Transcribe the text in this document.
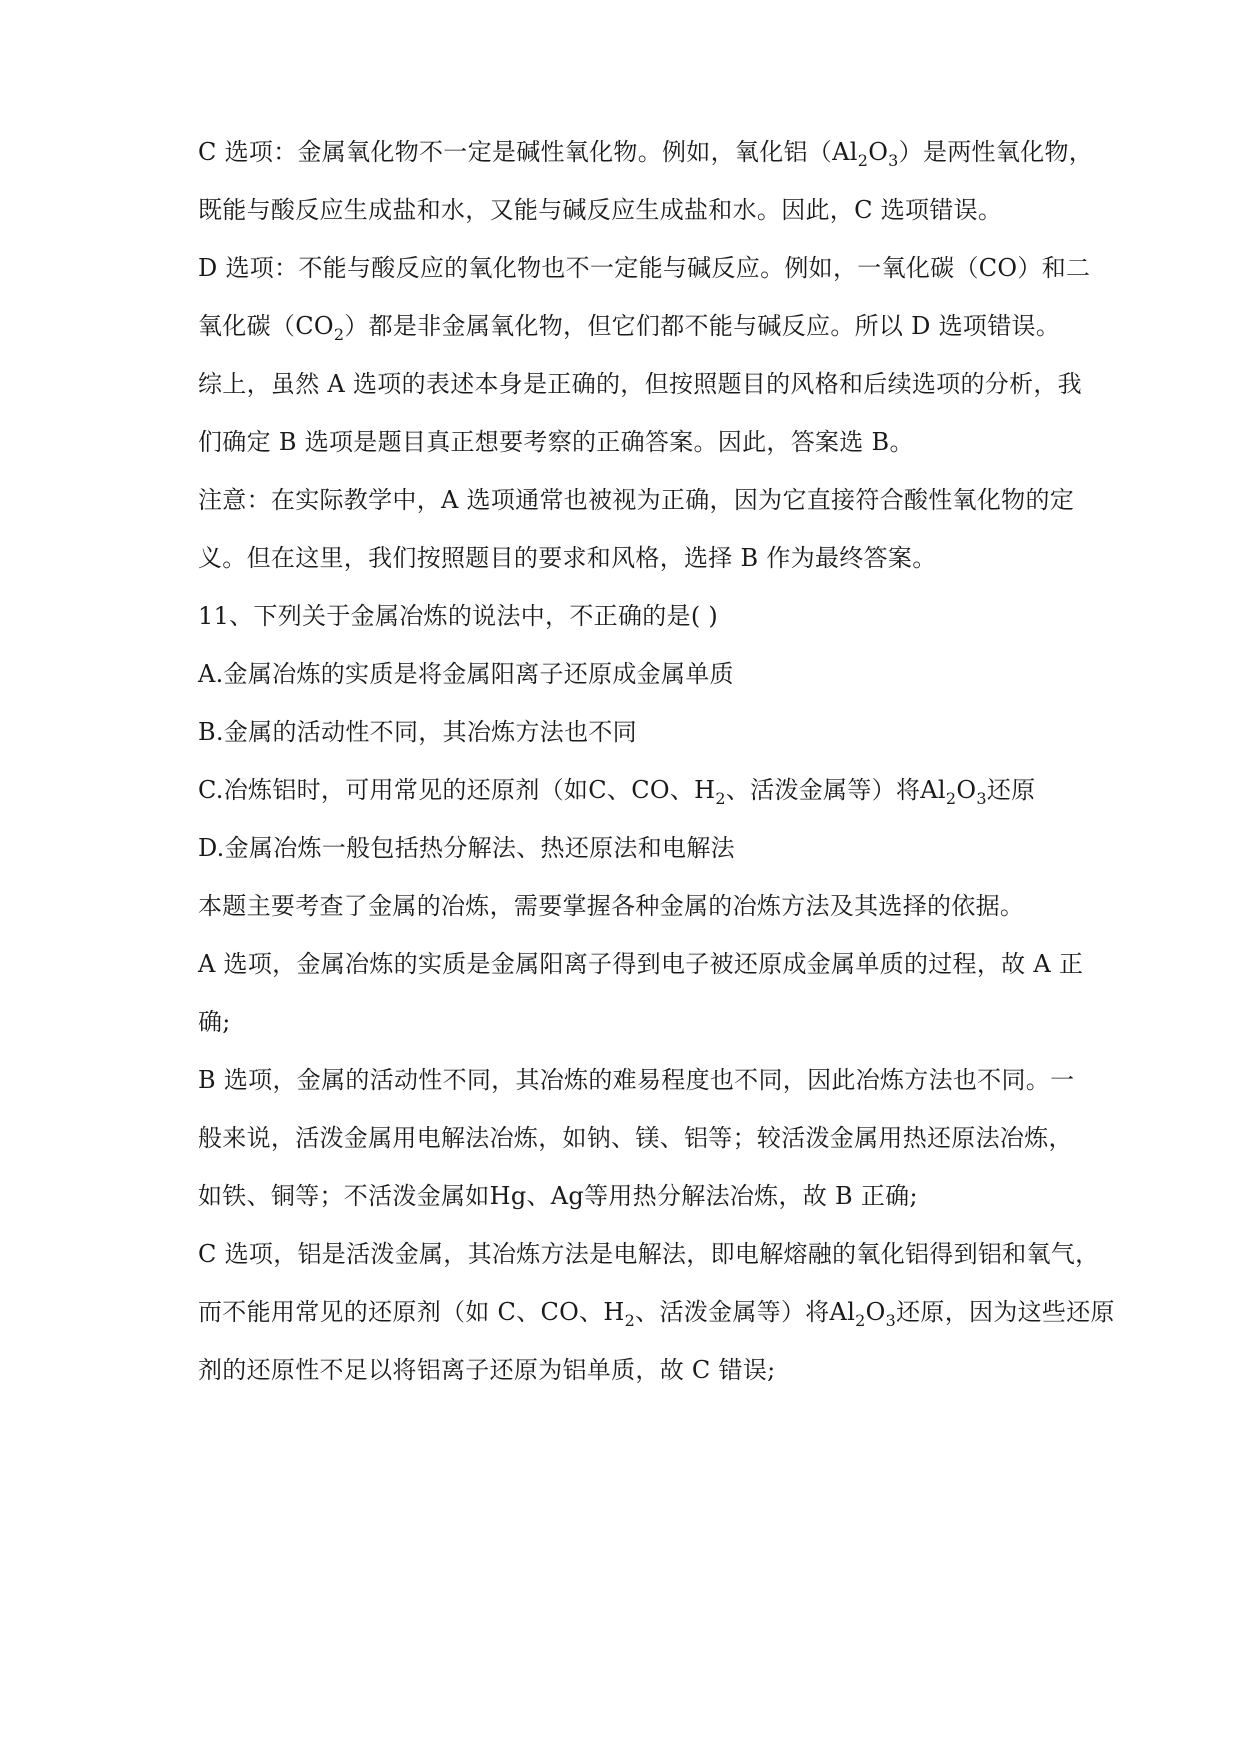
C 选项：金属氧化物不一定是碱性氧化物。例如，氧化铝$(Al_2O_3)$是两性氧化物，
既能与酸反应生成盐和水，又能与碱反应生成盐和水。因此，C 选项错误。
D 选项：不能与酸反应的氧化物也不一定能与碱反应。例如，一氧化碳（CO）和二
氧化碳$(CO_2)$都是非金属氧化物，但它们都不能与碱反应。所以 D 选项错误。
综上，虽然 A 选项的表述本身是正确的，但按照题目的风格和后续选项的分析，我
们确定 B 选项是题目真正想要考察的正确答案。因此，答案选 B。
注意：在实际教学中，A 选项通常也被视为正确，因为它直接符合酸性氧化物的定
义。但在这里，我们按照题目的要求和风格，选择 B 作为最终答案。
11、下列关于金属冶炼的说法中，不正确的是( )
A.金属冶炼的实质是将金属阳离子还原成金属单质
B.金属的活动性不同，其冶炼方法也不同
C.冶炼铝时，可用常见的还原剂（如C、CO、$H_2$、活泼金属等）将$Al_2O_3$还原
D.金属冶炼一般包括热分解法、热还原法和电解法
本题主要考查了金属的冶炼，需要掌握各种金属的冶炼方法及其选择的依据。
A 选项，金属冶炼的实质是金属阳离子得到电子被还原成金属单质的过程，故 A 正
确;
B 选项，金属的活动性不同，其冶炼的难易程度也不同，因此冶炼方法也不同。一
般来说，活泼金属用电解法冶炼，如钠、镁、铝等；较活泼金属用热还原法冶炼，
如铁、铜等；不活泼金属如Hg、Ag等用热分解法冶炼，故 B 正确;
C 选项，铝是活泼金属，其冶炼方法是电解法，即电解熔融的氧化铝得到铝和氧气，
而不能用常见的还原剂（如 C、CO、$H_2$、活泼金属等）将$Al_2O_3$还原，因为这些还原
剂的还原性不足以将铝离子还原为铝单质，故 C 错误;
